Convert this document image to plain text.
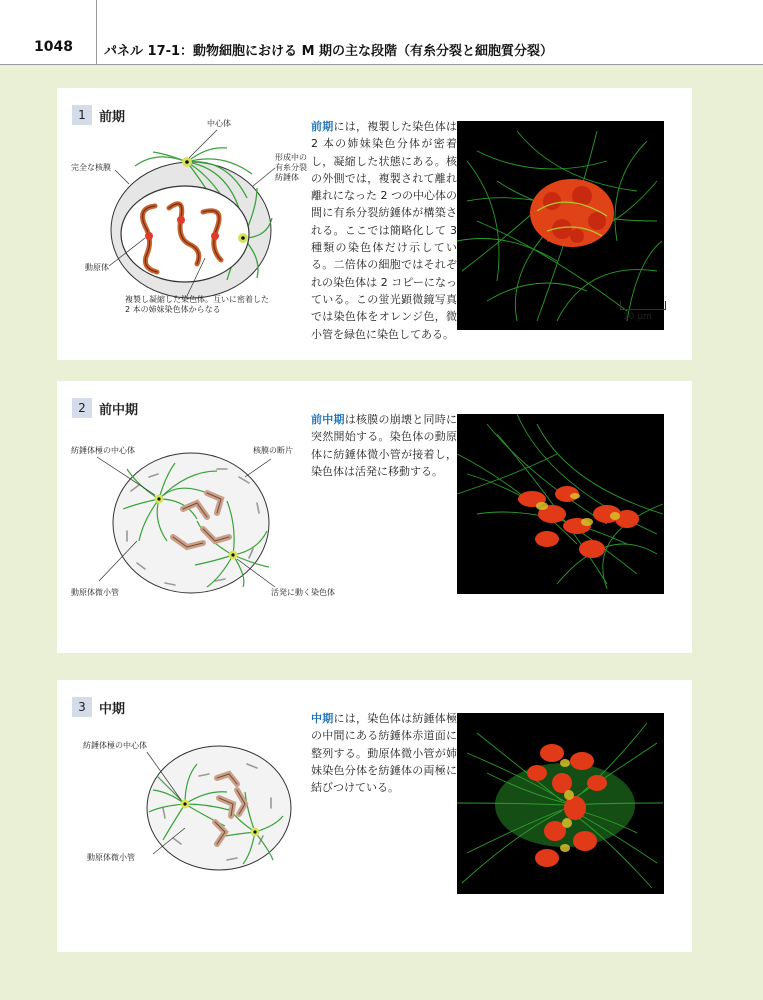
1048 パネル 17-1：動物細胞における M 期の主な段階（有糸分裂と細胞質分裂）
1	前期	中心体
形成中の
有糸分裂
紡錘体
完全な核膜
動原体
複製し凝縮した染色体。互いに密着した
2 本の姉妹染色体からなる

前期には，複製した染色体は 2 本の姉妹染色分体が密着し，凝縮した状態にある。核の外側では，複製されて離れ離れになった 2 つの中心体の間に有糸分裂紡錘体が構築される。ここでは簡略化して 3 種類の染色体だけ示している。二倍体の細胞ではそれぞれの染色体は 2 コピーになっている。この蛍光顕微鏡写真では染色体をオレンジ色，微小管を緑色に染色してある。

10 μm
2	前中期
紡錘体極の中心体	核膜の断片
動原体微小管	活発に動く染色体

前中期は核膜の崩壊と同時に突然開始する。染色体の動原体に紡錘体微小管が接着し，染色体は活発に移動する。

3	中期
紡錘体極の中心体
動原体微小管

中期には，染色体は紡錘体極の中間にある紡錘体赤道面に整列する。動原体微小管が姉妹染色分体を紡錘体の両極に結びつけている。
